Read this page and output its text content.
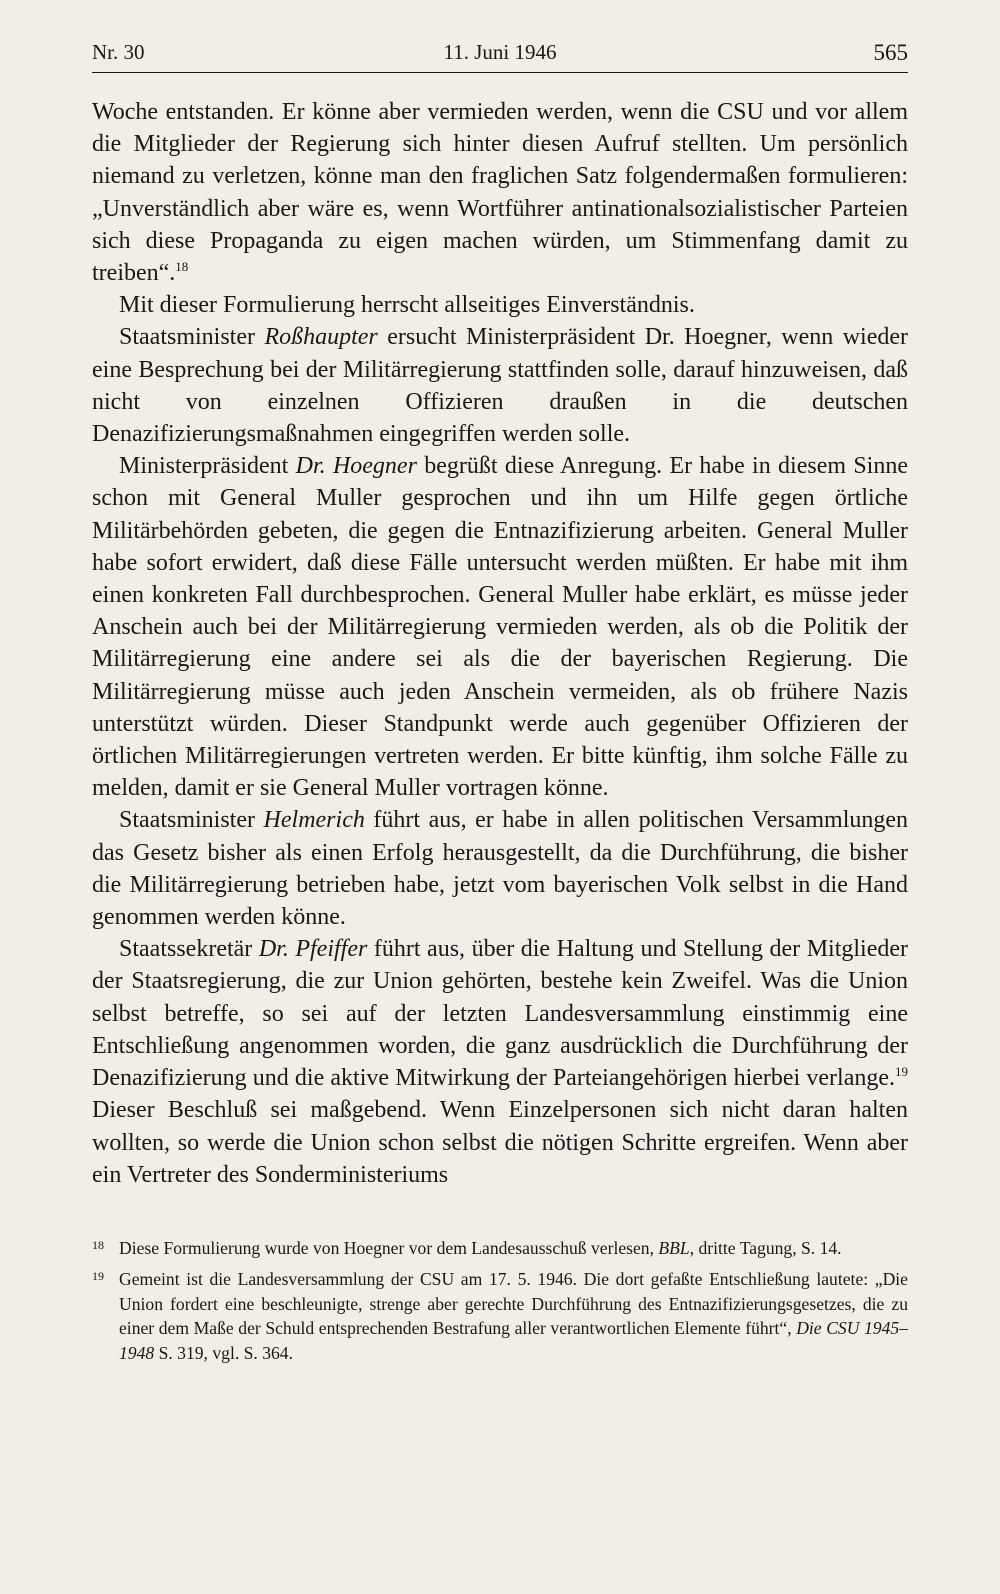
Nr. 30	11. Juni 1946	565

Woche entstanden. Er könne aber vermieden werden, wenn die CSU und vor allem die Mitglieder der Regierung sich hinter diesen Aufruf stellten. Um persönlich niemand zu verletzen, könne man den fraglichen Satz folgendermaßen formulieren: „Unverständlich aber wäre es, wenn Wortführer antinationalsozialistischer Parteien sich diese Propaganda zu eigen machen würden, um Stimmenfang damit zu treiben“.$^{18}$

Mit dieser Formulierung herrscht allseitiges Einverständnis.

Staatsminister Roßhaupter ersucht Ministerpräsident Dr. Hoegner, wenn wieder eine Besprechung bei der Militärregierung stattfinden solle, darauf hinzuweisen, daß nicht von einzelnen Offizieren draußen in die deutschen Denazifizierungsmaßnahmen eingegriffen werden solle.

Ministerpräsident Dr. Hoegner begrüßt diese Anregung. Er habe in diesem Sinne schon mit General Muller gesprochen und ihn um Hilfe gegen örtliche Militärbehörden gebeten, die gegen die Entnazifizierung arbeiten. General Muller habe sofort erwidert, daß diese Fälle untersucht werden müßten. Er habe mit ihm einen konkreten Fall durchbesprochen. General Muller habe erklärt, es müsse jeder Anschein auch bei der Militärregierung vermieden werden, als ob die Politik der Militärregierung eine andere sei als die der bayerischen Regierung. Die Militärregierung müsse auch jeden Anschein vermeiden, als ob frühere Nazis unterstützt würden. Dieser Standpunkt werde auch gegenüber Offizieren der örtlichen Militärregierungen vertreten werden. Er bitte künftig, ihm solche Fälle zu melden, damit er sie General Muller vortragen könne.

Staatsminister Helmerich führt aus, er habe in allen politischen Versammlungen das Gesetz bisher als einen Erfolg herausgestellt, da die Durchführung, die bisher die Militärregierung betrieben habe, jetzt vom bayerischen Volk selbst in die Hand genommen werden könne.

Staatssekretär Dr. Pfeiffer führt aus, über die Haltung und Stellung der Mitglieder der Staatsregierung, die zur Union gehörten, bestehe kein Zweifel. Was die Union selbst betreffe, so sei auf der letzten Landesversammlung einstimmig eine Entschließung angenommen worden, die ganz ausdrücklich die Durchführung der Denazifizierung und die aktive Mitwirkung der Parteiangehörigen hierbei verlange.$^{19}$ Dieser Beschluß sei maßgebend. Wenn Einzelpersonen sich nicht daran halten wollten, so werde die Union schon selbst die nötigen Schritte ergreifen. Wenn aber ein Vertreter des Sonderministeriums

18 Diese Formulierung wurde von Hoegner vor dem Landesausschuß verlesen, BBL, dritte Tagung, S. 14.
19 Gemeint ist die Landesversammlung der CSU am 17. 5. 1946. Die dort gefaßte Entschließung lautete: „Die Union fordert eine beschleunigte, strenge aber gerechte Durchführung des Entnazifizierungsgesetzes, die zu einer dem Maße der Schuld entsprechenden Bestrafung aller verantwortlichen Elemente führt“, Die CSU 1945–1948 S. 319, vgl. S. 364.
